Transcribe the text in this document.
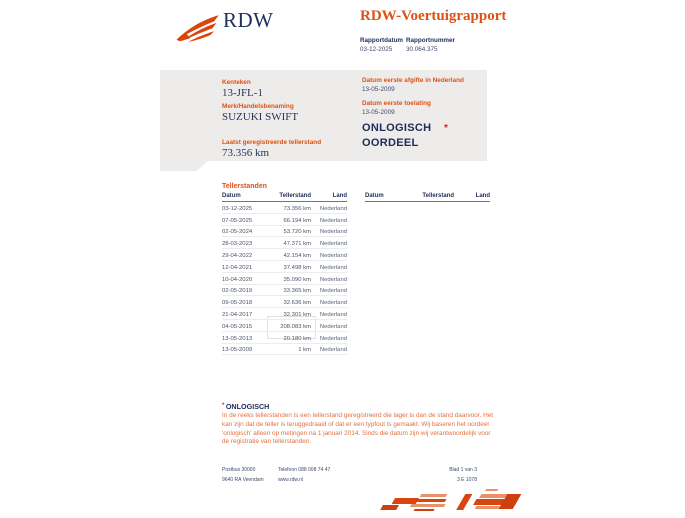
RDW	RDW-Voertuigrapport
Rapportdatum
03-12-2025
Rapportnummer
30.064.375
Kenteken
13-JFL-1
Merk/Handelsbenaming
SUZUKI SWIFT
Laatst geregistreerde tellerstand
73.356 km
Datum eerste afgifte in Nederland
13-05-2009
Datum eerste toelating
13-05-2009
ONLOGISCH
OORDEEL
*
Tellerstanden
Datum	Tellerstand	Land
03-12-2025	73.356 km	Nederland
07-05-2025	66.194 km	Nederland
02-05-2024	53.720 km	Nederland
28-03-2023	47.371 km	Nederland
29-04-2022	42.154 km	Nederland
12-04-2021	37.498 km	Nederland
10-04-2020	35.090 km	Nederland
02-05-2019	33.365 km	Nederland
09-05-2018	32.636 km	Nederland
21-04-2017	32.301 km	Nederland
04-05-2015	208.083 km	Nederland
13-05-2013	20.180 km	Nederland
13-05-2009	1 km	Nederland
Datum	Tellerstand	Land
* ONLOGISCH
In de reeks tellerstanden is een tellerstand geregistreerd die lager is dan de stand daarvoor. Het kan zijn dat de teller is teruggedraaid of dat er een typfout is gemaakt. Wij baseren het oordeel 'onlogisch' alleen op metingen na 1 januari 2014. Sinds die datum zijn wij verantwoordelijk voor de registratie van tellerstanden.
Postbus 30000
9640 RA Veendam
Telefoon 088 008 74 47
www.rdw.nl
Blad 1 van 3
3 E 1078
